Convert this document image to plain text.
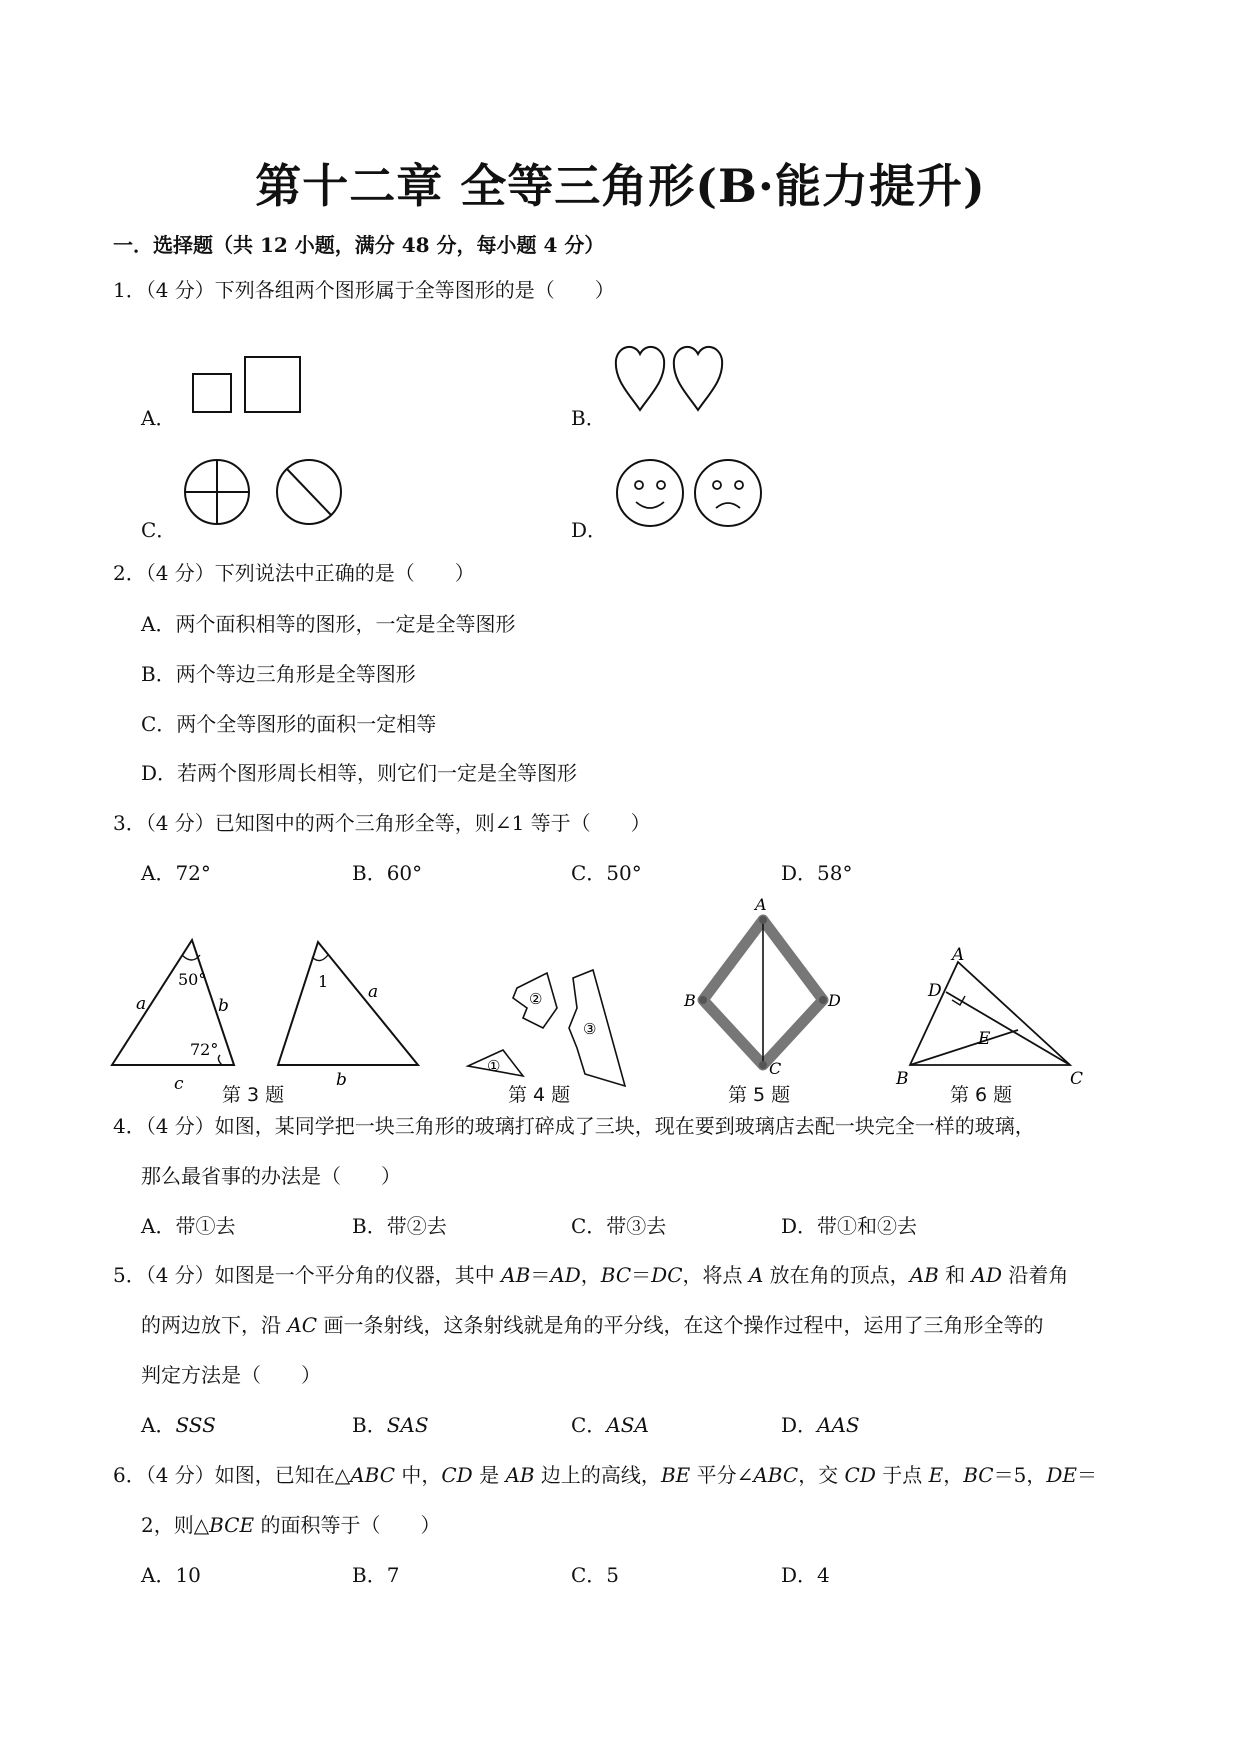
第十二章 全等三角形(B·能力提升)
一．选择题（共 12 小题，满分 48 分，每小题 4 分）
1．（4 分）下列各组两个图形属于全等图形的是（　　）
A．	B．
C．	D．
2．（4 分）下列说法中正确的是（　　）
A．两个面积相等的图形，一定是全等图形
B．两个等边三角形是全等图形
C．两个全等图形的面积一定相等
D．若两个图形周长相等，则它们一定是全等图形
3．（4 分）已知图中的两个三角形全等，则∠1 等于（　　）
A．72°	B．60°	C．50°	D．58°
a	b
c
50°
72°
1
a
b
第 3 题
①
②
③
第 4 题
A
B
C
D
第 5 题
A
B	C
D
E
第 6 题
4．（4 分）如图，某同学把一块三角形的玻璃打碎成了三块，现在要到玻璃店去配一块完全一样的玻璃，
那么最省事的办法是（　　）
A．带①去	B．带②去	C．带③去	D．带①和②去
5．（4 分）如图是一个平分角的仪器，其中 AB＝AD，BC＝DC，将点 A 放在角的顶点，AB 和 AD 沿着角
的两边放下，沿 AC 画一条射线，这条射线就是角的平分线，在这个操作过程中，运用了三角形全等的
判定方法是（　　）
A．SSS	B．SAS	C．ASA	D．AAS
6．（4 分）如图，已知在△ABC 中，CD 是 AB 边上的高线，BE 平分∠ABC，交 CD 于点 E，BC＝5，DE＝
2，则△BCE 的面积等于（　　）
A．10	B．7	C．5	D．4
